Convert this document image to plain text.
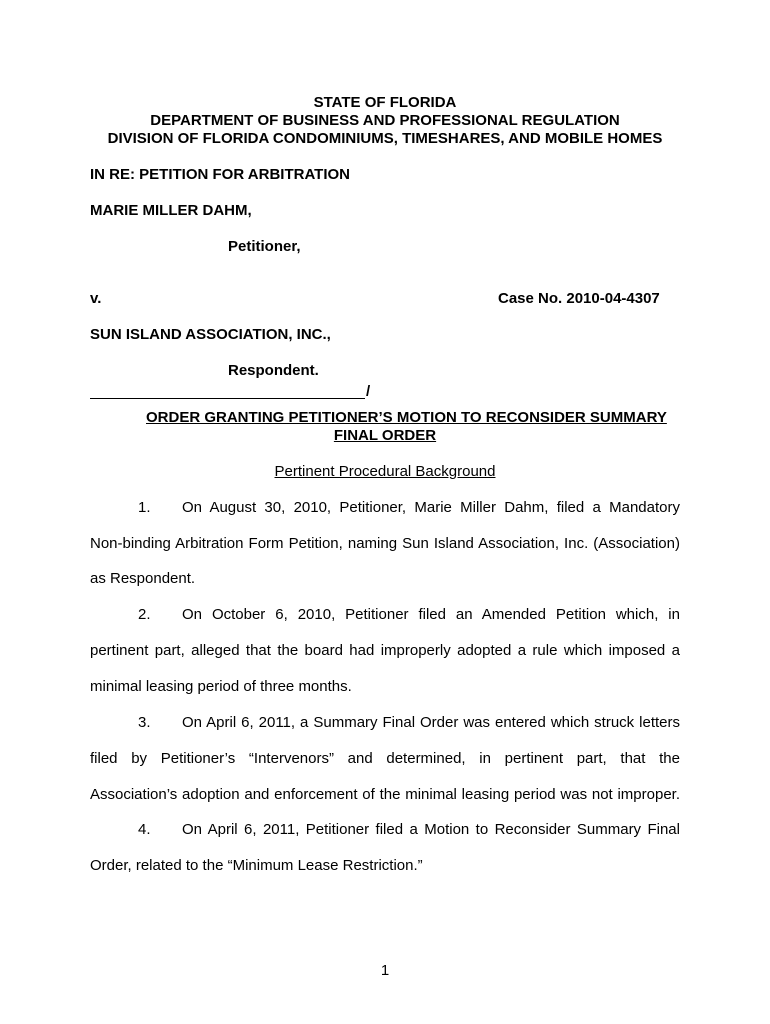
STATE OF FLORIDA
DEPARTMENT OF BUSINESS AND PROFESSIONAL REGULATION
DIVISION OF FLORIDA CONDOMINIUMS, TIMESHARES, AND MOBILE HOMES
IN RE: PETITION FOR ARBITRATION
MARIE MILLER DAHM,
Petitioner,
v.	Case No. 2010-04-4307
SUN ISLAND ASSOCIATION, INC.,
Respondent.
/
ORDER GRANTING PETITIONER’S MOTION TO RECONSIDER SUMMARY
FINAL ORDER
Pertinent Procedural Background
1. On August 30, 2010, Petitioner, Marie Miller Dahm, filed a Mandatory
Non-binding Arbitration Form Petition, naming Sun Island Association, Inc. (Association)
as Respondent.
2. On October 6, 2010, Petitioner filed an Amended Petition which, in
pertinent part, alleged that the board had improperly adopted a rule which imposed a
minimal leasing period of three months.
3. On April 6, 2011, a Summary Final Order was entered which struck letters
filed by Petitioner’s “Intervenors” and determined, in pertinent part, that the
Association’s adoption and enforcement of the minimal leasing period was not improper.
4. On April 6, 2011, Petitioner filed a Motion to Reconsider Summary Final
Order, related to the “Minimum Lease Restriction.”
1
